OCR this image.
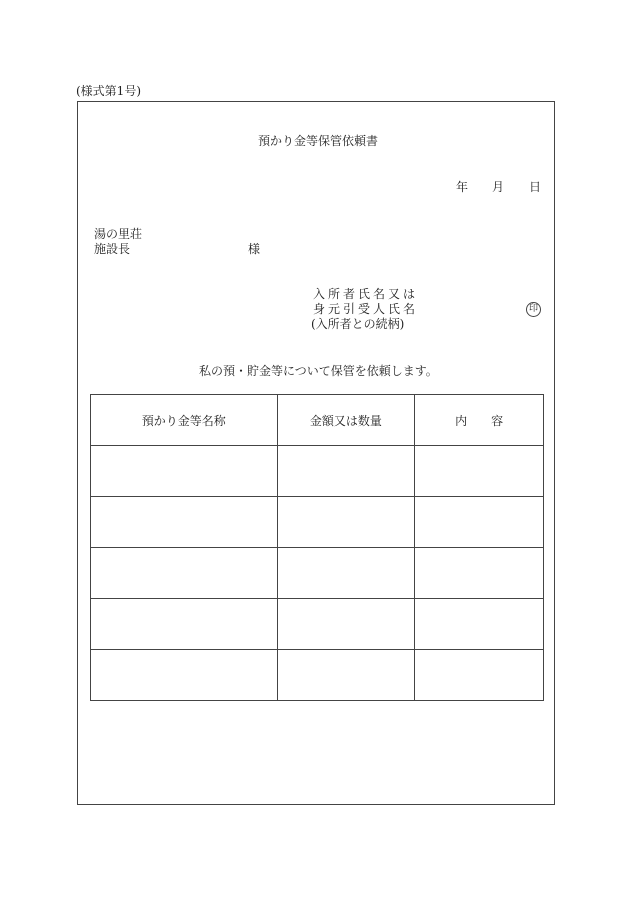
(様式第1号)
預かり金等保管依頼書
年 月 日
湯の里荘
施設長	様
入所者氏名又は
身元引受人氏名
(入所者との続柄)
印
私の預・貯金等について保管を依頼します。
預かり金等名称	金額又は数量	内　　容
